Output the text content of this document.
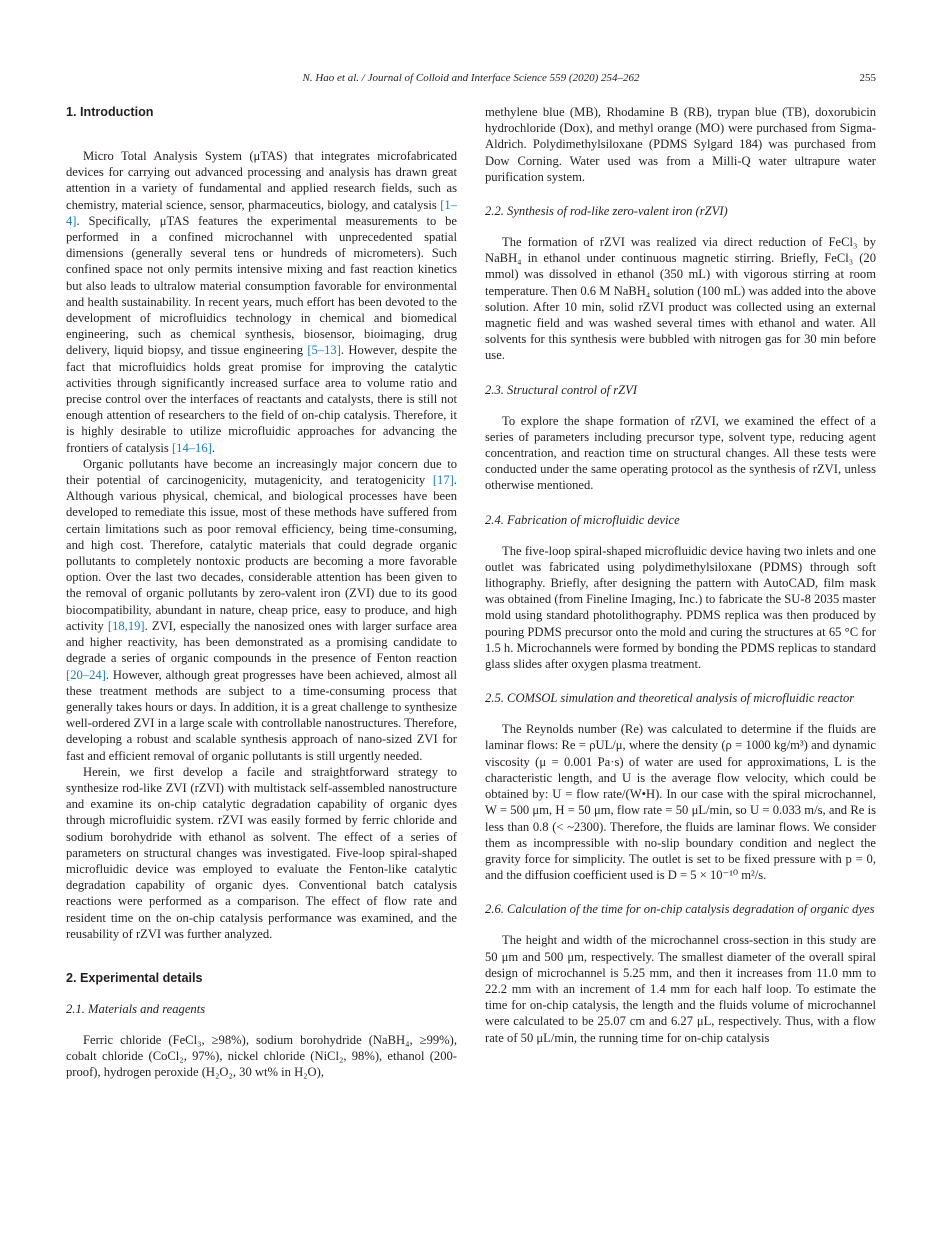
N. Hao et al. / Journal of Colloid and Interface Science 559 (2020) 254–262	255
1. Introduction

Micro Total Analysis System (μTAS) that integrates microfabricated devices for carrying out advanced processing and analysis has drawn great attention in a variety of fundamental and applied research fields, such as chemistry, material science, sensor, pharmaceutics, biology, and catalysis [1–4]. Specifically, μTAS features the experimental measurements to be performed in a confined microchannel with unprecedented spatial dimensions (generally several tens or hundreds of micrometers). Such confined space not only permits intensive mixing and fast reaction kinetics but also leads to ultralow material consumption favorable for environmental and health sustainability. In recent years, much effort has been devoted to the development of microfluidics technology in chemical and biomedical engineering, such as chemical synthesis, biosensor, bioimaging, drug delivery, liquid biopsy, and tissue engineering [5–13]. However, despite the fact that microfluidics holds great promise for improving the catalytic activities through significantly increased surface area to volume ratio and precise control over the interfaces of reactants and catalysts, there is still not enough attention of researchers to the field of on-chip catalysis. Therefore, it is highly desirable to utilize microfluidic approaches for advancing the frontiers of catalysis [14–16].

Organic pollutants have become an increasingly major concern due to their potential of carcinogenicity, mutagenicity, and teratogenicity [17]. Although various physical, chemical, and biological processes have been developed to remediate this issue, most of these methods have suffered from certain limitations such as poor removal efficiency, being time-consuming, and high cost. Therefore, catalytic materials that could degrade organic pollutants to completely nontoxic products are becoming a more favorable option. Over the last two decades, considerable attention has been given to the removal of organic pollutants by zero-valent iron (ZVI) due to its good biocompatibility, abundant in nature, cheap price, easy to produce, and high activity [18,19]. ZVI, especially the nanosized ones with larger surface area and higher reactivity, has been demonstrated as a promising candidate to degrade a series of organic compounds in the presence of Fenton reaction [20–24]. However, although great progresses have been achieved, almost all these treatment methods are subject to a time-consuming process that generally takes hours or days. In addition, it is a great challenge to synthesize well-ordered ZVI in a large scale with controllable nanostructures. Therefore, developing a robust and scalable synthesis approach of nano-sized ZVI for fast and efficient removal of organic pollutants is still urgently needed.

Herein, we first develop a facile and straightforward strategy to synthesize rod-like ZVI (rZVI) with multistack self-assembled nanostructure and examine its on-chip catalytic degradation capability of organic dyes through microfluidic system. rZVI was easily formed by ferric chloride and sodium borohydride with ethanol as solvent. The effect of a series of parameters on structural changes was investigated. Five-loop spiral-shaped microfluidic device was employed to evaluate the Fenton-like catalytic degradation capability of organic dyes. Conventional batch catalysis reactions were performed as a comparison. The effect of flow rate and resident time on the on-chip catalysis performance was examined, and the reusability of rZVI was further analyzed.

2. Experimental details
2.1. Materials and reagents

Ferric chloride (FeCl₃, ≥98%), sodium borohydride (NaBH₄, ≥99%), cobalt chloride (CoCl₂, 97%), nickel chloride (NiCl₂, 98%), ethanol (200-proof), hydrogen peroxide (H₂O₂, 30 wt% in H₂O),

methylene blue (MB), Rhodamine B (RB), trypan blue (TB), doxorubicin hydrochloride (Dox), and methyl orange (MO) were purchased from Sigma-Aldrich. Polydimethylsiloxane (PDMS Sylgard 184) was purchased from Dow Corning. Water used was from a Milli-Q water ultrapure water purification system.

2.2. Synthesis of rod-like zero-valent iron (rZVI)

The formation of rZVI was realized via direct reduction of FeCl₃ by NaBH₄ in ethanol under continuous magnetic stirring. Briefly, FeCl₃ (20 mmol) was dissolved in ethanol (350 mL) with vigorous stirring at room temperature. Then 0.6 M NaBH₄ solution (100 mL) was added into the above solution. After 10 min, solid rZVI product was collected using an external magnetic field and was washed several times with ethanol and water. All solvents for this synthesis were bubbled with nitrogen gas for 30 min before use.

2.3. Structural control of rZVI

To explore the shape formation of rZVI, we examined the effect of a series of parameters including precursor type, solvent type, reducing agent concentration, and reaction time on structural changes. All these tests were conducted under the same operating protocol as the synthesis of rZVI, unless otherwise mentioned.

2.4. Fabrication of microfluidic device

The five-loop spiral-shaped microfluidic device having two inlets and one outlet was fabricated using polydimethylsiloxane (PDMS) through soft lithography. Briefly, after designing the pattern with AutoCAD, film mask was obtained (from Fineline Imaging, Inc.) to fabricate the SU-8 2035 master mold using standard photolithography. PDMS replica was then produced by pouring PDMS precursor onto the mold and curing the structures at 65 °C for 1.5 h. Microchannels were formed by bonding the PDMS replicas to standard glass slides after oxygen plasma treatment.

2.5. COMSOL simulation and theoretical analysis of microfluidic reactor

The Reynolds number (Re) was calculated to determine if the fluids are laminar flows: Re = ρUL/μ, where the density (ρ = 1000 kg/m³) and dynamic viscosity (μ = 0.001 Pa·s) of water are used for approximations, L is the characteristic length, and U is the average flow velocity, which could be obtained by: U = flow rate/(W•H). In our case with the spiral microchannel, W = 500 μm, H = 50 μm, flow rate = 50 μL/min, so U = 0.033 m/s, and Re is less than 0.8 (< ~2300). Therefore, the fluids are laminar flows. We consider them as incompressible with no-slip boundary condition and neglect the gravity force for simplicity. The outlet is set to be fixed pressure with p = 0, and the diffusion coefficient used is D = 5 × 10⁻¹⁰ m²/s.

2.6. Calculation of the time for on-chip catalysis degradation of organic dyes

The height and width of the microchannel cross-section in this study are 50 μm and 500 μm, respectively. The smallest diameter of the overall spiral design of microchannel is 5.25 mm, and then it increases from 11.0 mm to 22.2 mm with an increment of 1.4 mm for each half loop. To estimate the time for on-chip catalysis, the length and the fluids volume of microchannel were calculated to be 25.07 cm and 6.27 μL, respectively. Thus, with a flow rate of 50 μL/min, the running time for on-chip catalysis
